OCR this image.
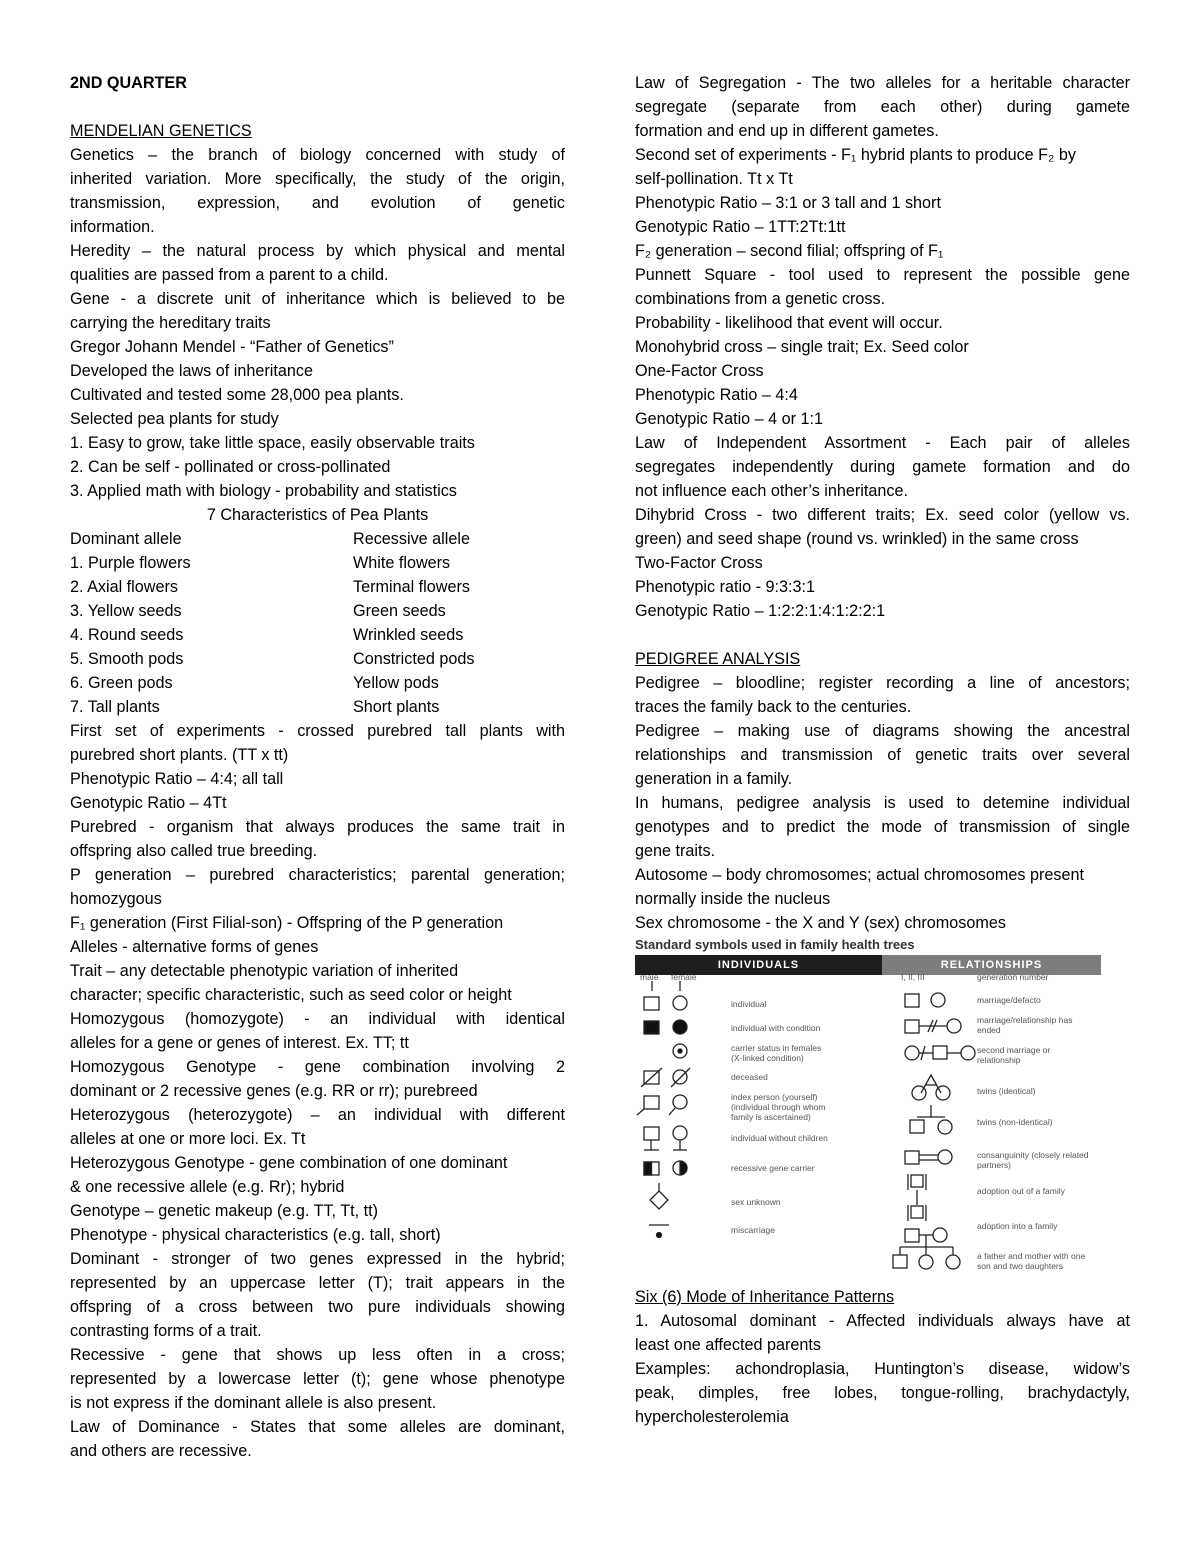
2ND QUARTER
MENDELIAN GENETICS
Genetics – the branch of biology concerned with study of
inherited variation. More specifically, the study of the origin,
transmission, expression, and evolution of genetic
information.
Heredity – the natural process by which physical and mental
qualities are passed from a parent to a child.
Gene - a discrete unit of inheritance which is believed to be
carrying the hereditary traits
Gregor Johann Mendel - “Father of Genetics”
Developed the laws of inheritance
Cultivated and tested some 28,000 pea plants.
Selected pea plants for study
1. Easy to grow, take little space, easily observable traits
2. Can be self - pollinated or cross-pollinated
3. Applied math with biology - probability and statistics
7 Characteristics of Pea Plants
Dominant allele	Recessive allele
1. Purple flowers	White flowers
2. Axial flowers	Terminal flowers
3. Yellow seeds	Green seeds
4. Round seeds	Wrinkled seeds
5. Smooth pods	Constricted pods
6. Green pods	Yellow pods
7. Tall plants	Short plants
First set of experiments - crossed purebred tall plants with
purebred short plants. (TT x tt)
Phenotypic Ratio – 4:4; all tall
Genotypic Ratio – 4Tt
Purebred - organism that always produces the same trait in
offspring also called true breeding.
P generation – purebred characteristics; parental generation;
homozygous
F₁ generation (First Filial-son) - Offspring of the P generation
Alleles - alternative forms of genes
Trait – any detectable phenotypic variation of inherited
character; specific characteristic, such as seed color or height
Homozygous (homozygote) - an individual with identical
alleles for a gene or genes of interest. Ex. TT; tt
Homozygous Genotype - gene combination involving 2
dominant or 2 recessive genes (e.g. RR or rr); purebreed
Heterozygous (heterozygote) – an individual with different
alleles at one or more loci. Ex. Tt
Heterozygous Genotype - gene combination of one dominant
& one recessive allele (e.g. Rr); hybrid
Genotype – genetic makeup (e.g. TT, Tt, tt)
Phenotype - physical characteristics (e.g. tall, short)
Dominant - stronger of two genes expressed in the hybrid;
represented by an uppercase letter (T); trait appears in the
offspring of a cross between two pure individuals showing
contrasting forms of a trait.
Recessive - gene that shows up less often in a cross;
represented by a lowercase letter (t); gene whose phenotype
is not express if the dominant allele is also present.
Law of Dominance - States that some alleles are dominant,
and others are recessive.
Law of Segregation - The two alleles for a heritable character
segregate (separate from each other) during gamete
formation and end up in different gametes.
Second set of experiments - F₁ hybrid plants to produce F₂ by
self-pollination. Tt x Tt
Phenotypic Ratio – 3:1 or 3 tall and 1 short
Genotypic Ratio – 1TT:2Tt:1tt
F₂ generation – second filial; offspring of F₁
Punnett Square - tool used to represent the possible gene
combinations from a genetic cross.
Probability - likelihood that event will occur.
Monohybrid cross – single trait; Ex. Seed color
One-Factor Cross
Phenotypic Ratio – 4:4
Genotypic Ratio – 4 or 1:1
Law of Independent Assortment - Each pair of alleles
segregates independently during gamete formation and do
not influence each other’s inheritance.
Dihybrid Cross - two different traits; Ex. seed color (yellow vs.
green) and seed shape (round vs. wrinkled) in the same cross
Two-Factor Cross
Phenotypic ratio - 9:3:3:1
Genotypic Ratio – 1:2:2:1:4:1:2:2:1
PEDIGREE ANALYSIS
Pedigree – bloodline; register recording a line of ancestors;
traces the family back to the centuries.
Pedigree – making use of diagrams showing the ancestral
relationships and transmission of genetic traits over several
generation in a family.
In humans, pedigree analysis is used to detemine individual
genotypes and to predict the mode of transmission of single
gene traits.
Autosome – body chromosomes; actual chromosomes present
normally inside the nucleus
Sex chromosome - the X and Y (sex) chromosomes
Standard symbols used in family health trees
INDIVIDUALS	RELATIONSHIPS
male female
individual
individual with condition
carrier status in females
(X-linked condition)
deceased
index person (yourself)
(individual through whom
family is ascertained)
individual without children
recessive gene carrier
sex unknown
miscarriage
I, II, III	generation number
marriage/defacto
marriage/relationship has
ended
second marriage or
relationship
twins (identical)
twins (non-identical)
consanguinity (closely related
partners)
adoption out of a family
adoption into a family
a father and mother with one
son and two daughters
Six (6) Mode of Inheritance Patterns
1. Autosomal dominant - Affected individuals always have at
least one affected parents
Examples: achondroplasia, Huntington’s disease, widow’s
peak, dimples, free lobes, tongue-rolling, brachydactyly,
hypercholesterolemia
